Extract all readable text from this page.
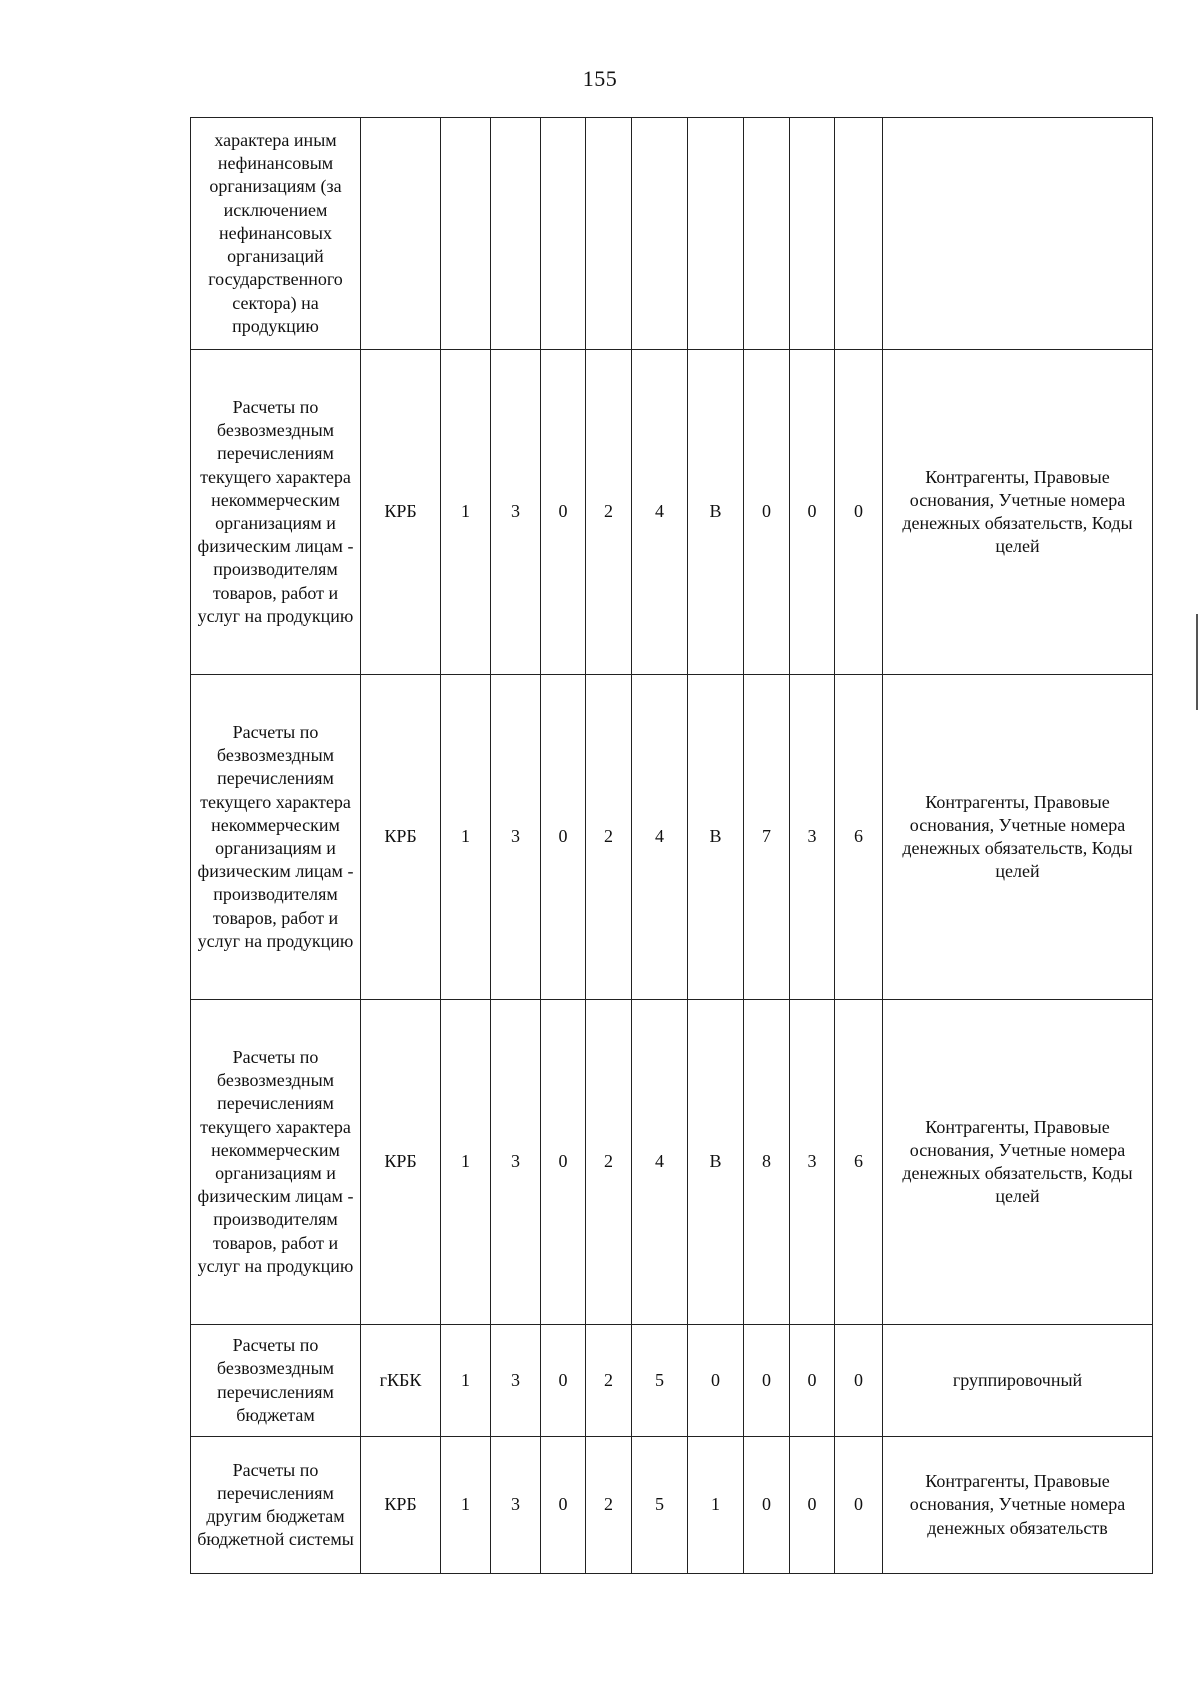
155
характера иным нефинансовым организациям (за исключением нефинансовых организаций государственного сектора) на продукцию											
Расчеты по безвозмездным перечислениям текущего характера некоммерческим организациям и физическим лицам - производителям товаров, работ и услуг на продукцию	КРБ	1	3	0	2	4	В	0	0	0	Контрагенты, Правовые основания, Учетные номера денежных обязательств, Коды целей
Расчеты по безвозмездным перечислениям текущего характера некоммерческим организациям и физическим лицам - производителям товаров, работ и услуг на продукцию	КРБ	1	3	0	2	4	В	7	3	6	Контрагенты, Правовые основания, Учетные номера денежных обязательств, Коды целей
Расчеты по безвозмездным перечислениям текущего характера некоммерческим организациям и физическим лицам - производителям товаров, работ и услуг на продукцию	КРБ	1	3	0	2	4	В	8	3	6	Контрагенты, Правовые основания, Учетные номера денежных обязательств, Коды целей
Расчеты по безвозмездным перечислениям бюджетам	гКБК	1	3	0	2	5	0	0	0	0	группировочный
Расчеты по перечислениям другим бюджетам бюджетной системы	КРБ	1	3	0	2	5	1	0	0	0	Контрагенты, Правовые основания, Учетные номера денежных обязательств
